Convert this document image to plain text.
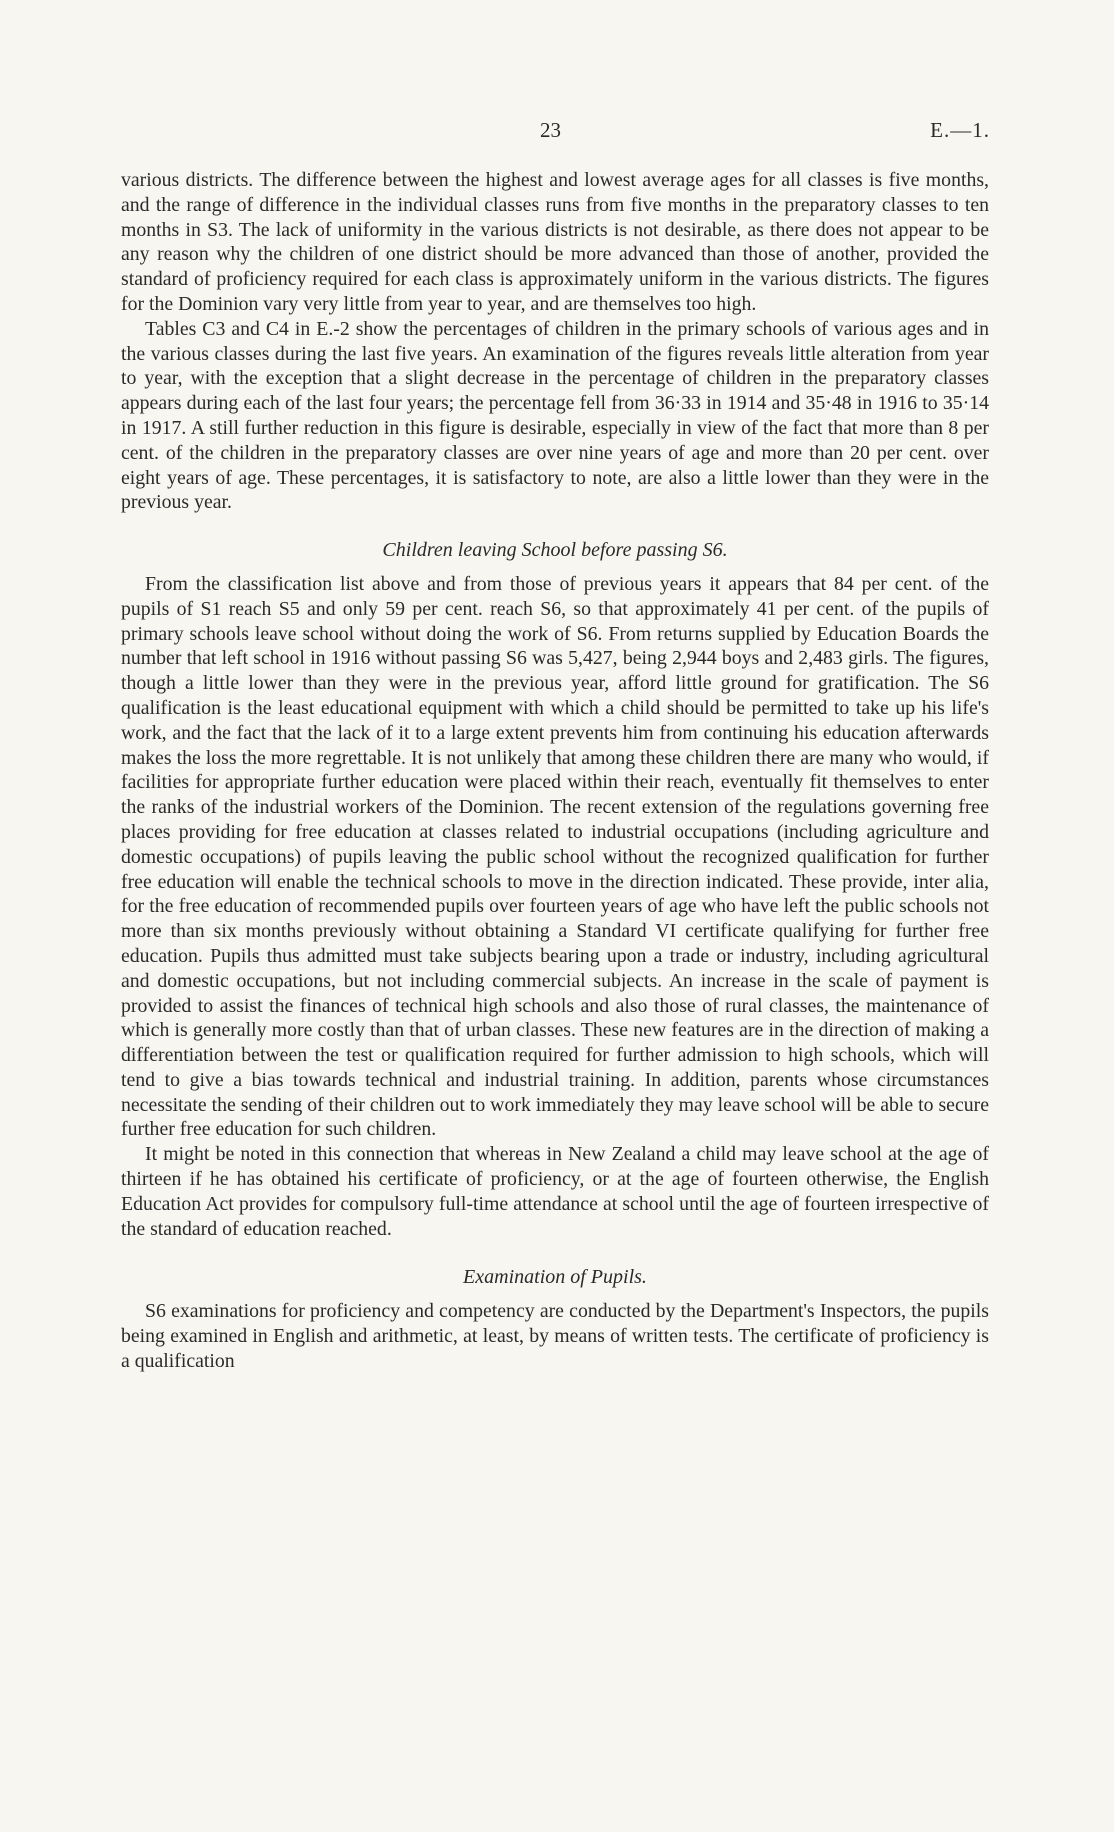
23	E.—1.

various districts. The difference between the highest and lowest average ages for all classes is five months, and the range of difference in the individual classes runs from five months in the preparatory classes to ten months in S3. The lack of uniformity in the various districts is not desirable, as there does not appear to be any reason why the children of one district should be more advanced than those of another, provided the standard of proficiency required for each class is approximately uniform in the various districts. The figures for the Dominion vary very little from year to year, and are themselves too high.

Tables C3 and C4 in E.-2 show the percentages of children in the primary schools of various ages and in the various classes during the last five years. An examination of the figures reveals little alteration from year to year, with the exception that a slight decrease in the percentage of children in the preparatory classes appears during each of the last four years; the percentage fell from 36·33 in 1914 and 35·48 in 1916 to 35·14 in 1917. A still further reduction in this figure is desirable, especially in view of the fact that more than 8 per cent. of the children in the preparatory classes are over nine years of age and more than 20 per cent. over eight years of age. These percentages, it is satisfactory to note, are also a little lower than they were in the previous year.

Children leaving School before passing S6.

From the classification list above and from those of previous years it appears that 84 per cent. of the pupils of S1 reach S5 and only 59 per cent. reach S6, so that approximately 41 per cent. of the pupils of primary schools leave school without doing the work of S6. From returns supplied by Education Boards the number that left school in 1916 without passing S6 was 5,427, being 2,944 boys and 2,483 girls. The figures, though a little lower than they were in the previous year, afford little ground for gratification. The S6 qualification is the least educational equipment with which a child should be permitted to take up his life's work, and the fact that the lack of it to a large extent prevents him from continuing his education afterwards makes the loss the more regrettable. It is not unlikely that among these children there are many who would, if facilities for appropriate further education were placed within their reach, eventually fit themselves to enter the ranks of the industrial workers of the Dominion. The recent extension of the regulations governing free places providing for free education at classes related to industrial occupations (including agriculture and domestic occupations) of pupils leaving the public school without the recognized qualification for further free education will enable the technical schools to move in the direction indicated. These provide, inter alia, for the free education of recommended pupils over fourteen years of age who have left the public schools not more than six months previously without obtaining a Standard VI certificate qualifying for further free education. Pupils thus admitted must take subjects bearing upon a trade or industry, including agricultural and domestic occupations, but not including commercial subjects. An increase in the scale of payment is provided to assist the finances of technical high schools and also those of rural classes, the maintenance of which is generally more costly than that of urban classes. These new features are in the direction of making a differentiation between the test or qualification required for further admission to high schools, which will tend to give a bias towards technical and industrial training. In addition, parents whose circumstances necessitate the sending of their children out to work immediately they may leave school will be able to secure further free education for such children.

It might be noted in this connection that whereas in New Zealand a child may leave school at the age of thirteen if he has obtained his certificate of proficiency, or at the age of fourteen otherwise, the English Education Act provides for compulsory full-time attendance at school until the age of fourteen irrespective of the standard of education reached.

Examination of Pupils.

S6 examinations for proficiency and competency are conducted by the Department's Inspectors, the pupils being examined in English and arithmetic, at least, by means of written tests. The certificate of proficiency is a qualification
